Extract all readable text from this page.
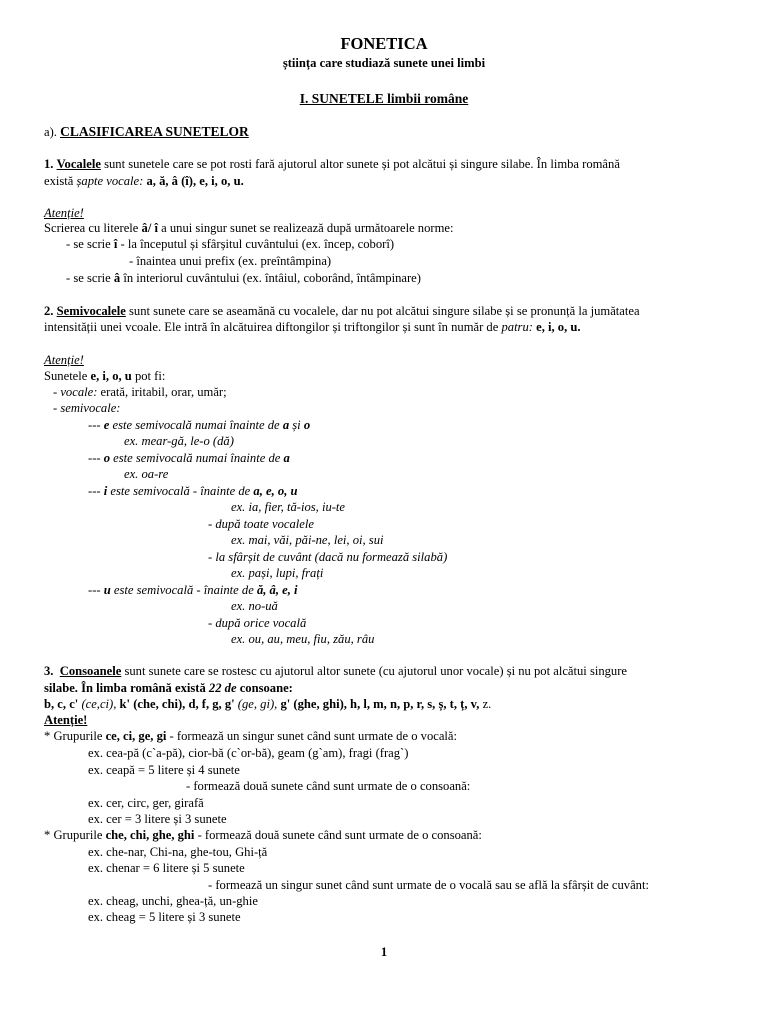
FONETICA
știința care studiază sunete unei limbi
I. SUNETELE limbii române
a). CLASIFICAREA SUNETELOR
1. Vocalele sunt sunetele care se pot rosti fară ajutorul altor sunete și pot alcătui și singure silabe. În limba română
există șapte vocale: a, ă, â (î), e, i, o, u.
Atenție!
Scrierea cu literele â/ î a unui singur sunet se realizează după următoarele norme:
- se scrie î - la începutul și sfârșitul cuvântului (ex. încep, coborî)
- înaintea unui prefix (ex. preîntâmpina)
- se scrie â în interiorul cuvântului (ex. întâiul, coborând, întâmpinare)
2. Semivocalele sunt sunete care se aseamănă cu vocalele, dar nu pot alcătui singure silabe și se pronunță la jumătatea
intensității unei vcoale. Ele intră în alcătuirea diftongilor și triftongilor și sunt în număr de patru: e, i, o, u.
Atenție!
Sunetele e, i, o, u pot fi:
- vocale: erată, iritabil, orar, umăr;
- semivocale:
--- e este semivocală numai înainte de a și o
ex. mear-gă, le-o (dă)
--- o este semivocală numai înainte de a
ex. oa-re
--- i este semivocală - înainte de a, e, o, u
ex. ia, fier, tă-ios, iu-te
- după toate vocalele
ex. mai, văi, păi-ne, lei, oi, sui
- la sfârșit de cuvânt (dacă nu formează silabă)
ex. pași, lupi, frați
--- u este semivocală - înainte de ă, â, e, i
ex. no-uă
- după orice vocală
ex. ou, au, meu, fiu, zău, râu
3. Consoanele sunt sunete care se rostesc cu ajutorul altor sunete (cu ajutorul unor vocale) și nu pot alcătui singure
silabe. În limba română există 22 de consoane:
b, c, c' (ce,ci), k' (che, chi), d, f, g, g' (ge, gi), g' (ghe, ghi), h, l, m, n, p, r, s, ș, t, ț, v, z.
Atenție!
* Grupurile ce, ci, ge, gi - formează un singur sunet când sunt urmate de o vocală:
ex. cea-pă (c`a-pă), cior-bă (c`or-bă), geam (g`am), fragi (frag`)
ex. ceapă = 5 litere și 4 sunete
- formează două sunete când sunt urmate de o consoană:
ex. cer, circ, ger, girafă
ex. cer = 3 litere și 3 sunete
* Grupurile che, chi, ghe, ghi - formează două sunete când sunt urmate de o consoană:
ex. che-nar, Chi-na, ghe-tou, Ghi-ță
ex. chenar = 6 litere și 5 sunete
- formează un singur sunet când sunt urmate de o vocală sau se află la sfârșit de cuvânt:
ex. cheag, unchi, ghea-ță, un-ghie
ex. cheag = 5 litere și 3 sunete
1
